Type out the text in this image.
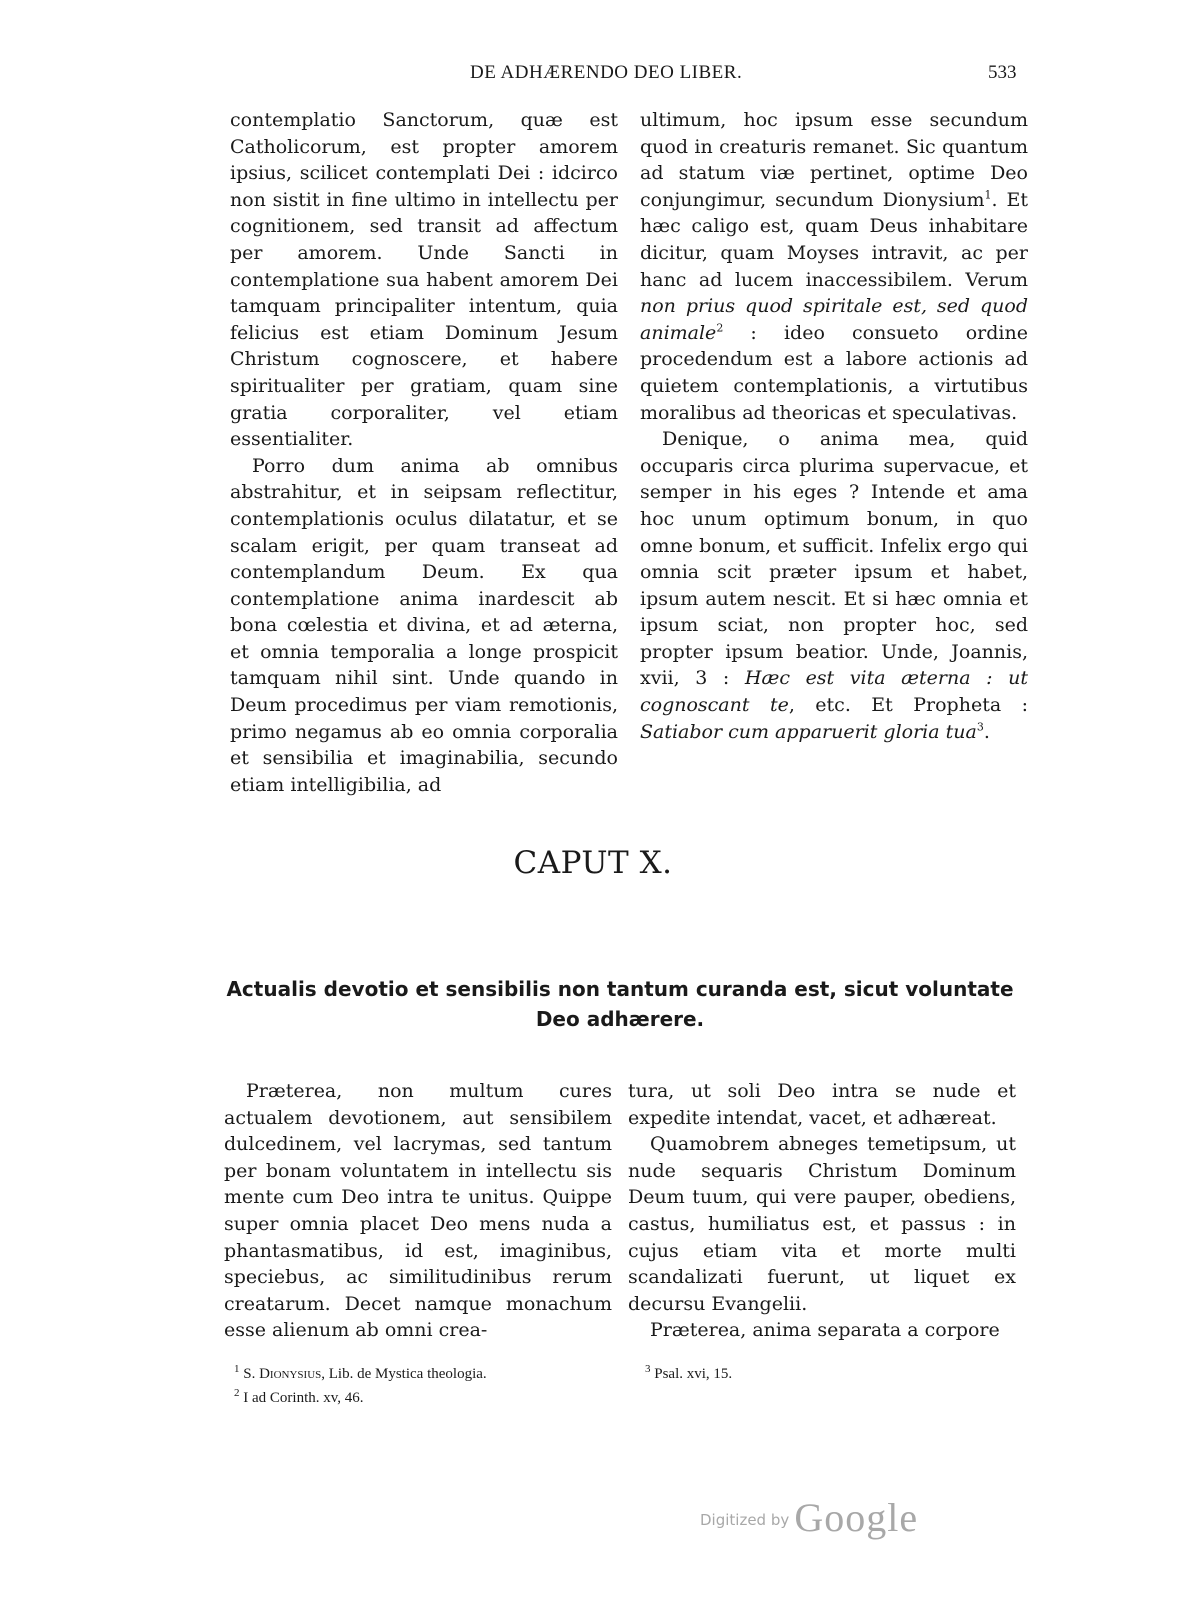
DE ADHÆRENDO DEO LIBER.	533

contemplatio Sanctorum, quæ est Catholicorum, est propter amorem ipsius, scilicet contemplati Dei : idcirco non sistit in fine ultimo in intellectu per cognitionem, sed transit ad affectum per amorem. Unde Sancti in contemplatione sua habent amorem Dei tamquam principaliter intentum, quia felicius est etiam Dominum Jesum Christum cognoscere, et habere spiritualiter per gratiam, quam sine gratia corporaliter, vel etiam essentialiter.

Porro dum anima ab omnibus abstrahitur, et in seipsam reflectitur, contemplationis oculus dilatatur, et se scalam erigit, per quam transeat ad contemplandum Deum. Ex qua contemplatione anima inardescit ab bona cœlestia et divina, et ad æterna, et omnia temporalia a longe prospicit tamquam nihil sint. Unde quando in Deum procedimus per viam remotionis, primo negamus ab eo omnia corporalia et sensibilia et imaginabilia, secundo etiam intelligibilia, ad

ultimum, hoc ipsum esse secundum quod in creaturis remanet. Sic quantum ad statum viæ pertinet, optime Deo conjungimur, secundum Dionysium$^1$. Et hæc caligo est, quam Deus inhabitare dicitur, quam Moyses intravit, ac per hanc ad lucem inaccessibilem. Verum non prius quod spiritale est, sed quod animale$^2$ : ideo consueto ordine procedendum est a labore actionis ad quietem contemplationis, a virtutibus moralibus ad theoricas et speculativas.

Denique, o anima mea, quid occuparis circa plurima supervacue, et semper in his eges ? Intende et ama hoc unum optimum bonum, in quo omne bonum, et sufficit. Infelix ergo qui omnia scit præter ipsum et habet, ipsum autem nescit. Et si hæc omnia et ipsum sciat, non propter hoc, sed propter ipsum beatior. Unde, Joannis, xvii, 3 : Hæc est vita æterna : ut cognoscant te, etc. Et Propheta : Satiabor cum apparuerit gloria tua$^3$.

CAPUT X.
Actualis devotio et sensibilis non tantum curanda est, sicut voluntate Deo adhærere.

Præterea, non multum cures actualem devotionem, aut sensibilem dulcedinem, vel lacrymas, sed tantum per bonam voluntatem in intellectu sis mente cum Deo intra te unitus. Quippe super omnia placet Deo mens nuda a phantasmatibus, id est, imaginibus, speciebus, ac similitudinibus rerum creatarum. Decet namque monachum esse alienum ab omni crea-

tura, ut soli Deo intra se nude et expedite intendat, vacet, et adhæreat.

Quamobrem abneges temetipsum, ut nude sequaris Christum Dominum Deum tuum, qui vere pauper, obediens, castus, humiliatus est, et passus : in cujus etiam vita et morte multi scandalizati fuerunt, ut liquet ex decursu Evangelii.

Præterea, anima separata a corpore

$^1$ S. Dionysius, Lib. de Mystica theologia.
$^2$ I ad Corinth. xv, 46.
$^3$ Psal. xvi, 15.
Digitized by Google
